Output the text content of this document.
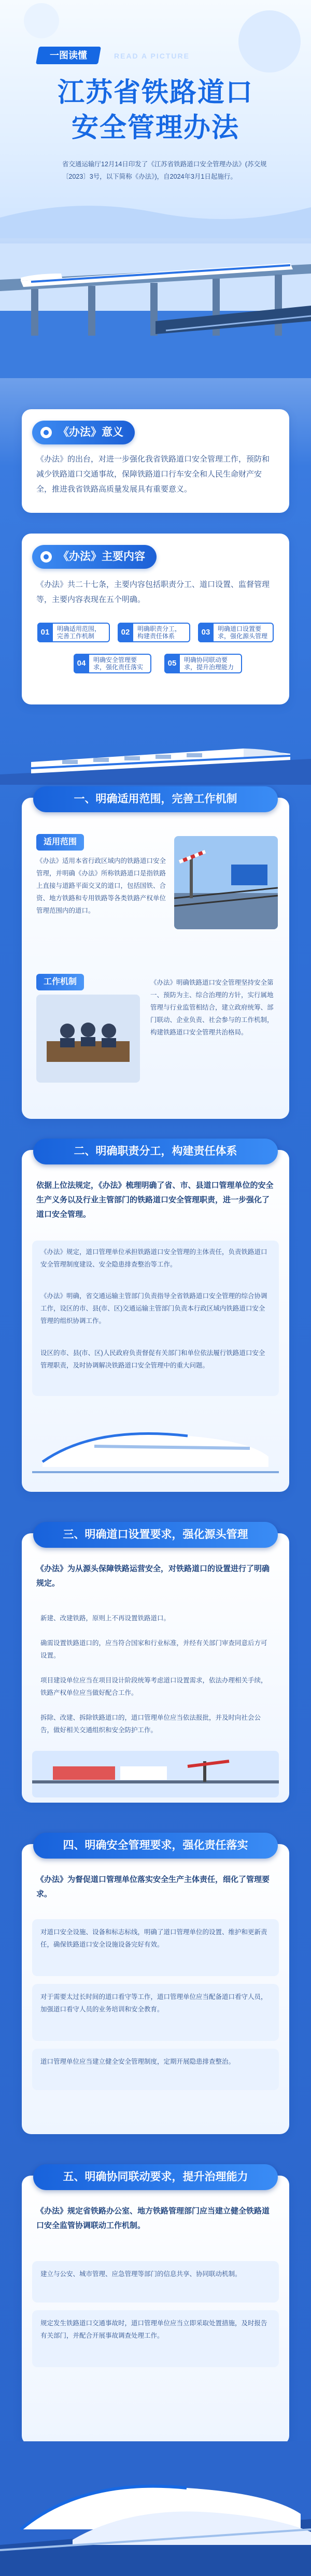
一图读懂	READ A PICTURE
江苏省铁路道口
安全管理办法
省交通运输厅12月14日印发了《江苏省铁路道口安全管理办法》(苏交规〔2023〕3号，以下简称《办法》)，自2024年3月1日起施行。
《办法》意义
《办法》的出台，对进一步强化我省铁路道口安全管理工作，预防和减少铁路道口交通事故，保障铁路道口行车安全和人民生命财产安全，推进我省铁路高质量发展具有重要意义。
《办法》主要内容
《办法》共二十七条，主要内容包括职责分工、道口设置、监督管理等，主要内容表现在五个明确。
01	明确适用范围，完善工作机制	02	明确职责分工，构建责任体系	03	明确道口设置要求，强化源头管理
04	明确安全管理要求，强化责任落实	05	明确协同联动要求，提升治理能力
一、明确适用范围，完善工作机制
适用范围
《办法》适用本省行政区域内的铁路道口安全管理，并明确《办法》所称铁路道口是指铁路上直接与道路平面交叉的道口，包括国铁、合资、地方铁路和专用铁路等各类铁路产权单位管理范围内的道口。
工作机制	《办法》明确铁路道口安全管理坚持安全第一、预防为主、综合治理的方针，实行属地管理与行业监管相结合，建立政府统筹、部门联动、企业负责、社会参与的工作机制，构建铁路道口安全管理共治格局。
二、明确职责分工，构建责任体系
依据上位法规定，《办法》梳理明确了省、市、县道口管理单位的安全生产义务以及行业主管部门的铁路道口安全管理职责，进一步强化了道口安全管理。
《办法》规定，道口管理单位承担铁路道口安全管理的主体责任，负责铁路道口安全管理制度建设、安全隐患排查整治等工作。
《办法》明确，省交通运输主管部门负责指导全省铁路道口安全管理的综合协调工作，设区的市、县(市、区)交通运输主管部门负责本行政区域内铁路道口安全管理的组织协调工作。
设区的市、县(市、区)人民政府负责督促有关部门和单位依法履行铁路道口安全管理职责，及时协调解决铁路道口安全管理中的重大问题。
三、明确道口设置要求，强化源头管理
《办法》为从源头保障铁路运营安全，对铁路道口的设置进行了明确规定。
新建、改建铁路，原则上不再设置铁路道口。
确需设置铁路道口的，应当符合国家和行业标准，并经有关部门审查同意后方可设置。
项目建设单位应当在项目设计阶段统筹考虑道口设置需求，依法办理相关手续，铁路产权单位应当做好配合工作。
拆除、改建、拆除铁路道口的，道口管理单位应当依法报批，并及时向社会公告，做好相关交通组织和安全防护工作。
四、明确安全管理要求，强化责任落实
《办法》为督促道口管理单位落实安全生产主体责任，细化了管理要求。
对道口安全设施、设备和标志标线，明确了道口管理单位的设置、维护和更新责任，确保铁路道口安全设施设备完好有效。
对于需要太过长时间的道口看守等工作，道口管理单位应当配备道口看守人员，加强道口看守人员的业务培训和安全教育。
道口管理单位应当建立健全安全管理制度，定期开展隐患排查整治。
五、明确协同联动要求，提升治理能力
《办法》规定省铁路办公室、地方铁路管理部门应当建立健全铁路道口安全监管协调联动工作机制。
建立与公安、城市管理、应急管理等部门的信息共享、协同联动机制。
规定发生铁路道口交通事故时，道口管理单位应当立即采取处置措施，及时报告有关部门，并配合开展事故调查处理工作。
